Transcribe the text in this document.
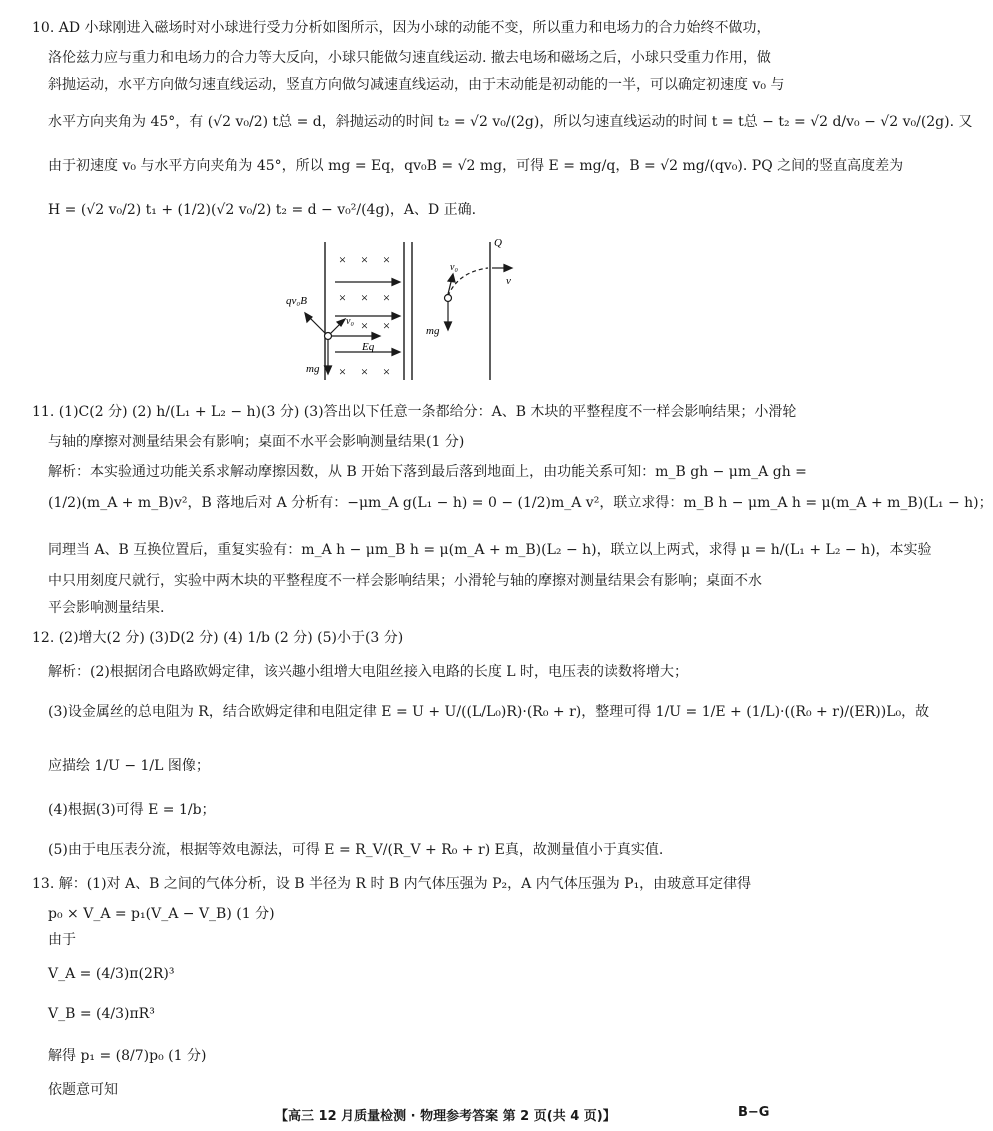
10. AD 小球刚进入磁场时对小球进行受力分析如图所示，因为小球的动能不变，所以重力和电场力的合力始终不做功，
洛伦兹力应与重力和电场力的合力等大反向，小球只能做匀速直线运动. 撤去电场和磁场之后，小球只受重力作用，做
斜抛运动，水平方向做匀速直线运动，竖直方向做匀减速直线运动，由于末动能是初动能的一半，可以确定初速度 v₀ 与
水平方向夹角为 45°，有 (√2 v₀/2) t总 = d，斜抛运动的时间 t₂ = √2 v₀/(2g)，所以匀速直线运动的时间 t = t总 − t₂ = √2 d/v₀ − √2 v₀/(2g). 又
由于初速度 v₀ 与水平方向夹角为 45°，所以 mg = Eq，qv₀B = √2 mg，可得 E = mg/q，B = √2 mg/(qv₀). PQ 之间的竖直高度差为
H = (√2 v₀/2) t₁ + (1/2)(√2 v₀/2) t₂ = d − v₀²/(4g)，A、D 正确.
× × ×
× × ×
× ×
× × ×
qv₀B
v₀
Eq
mg
Q
v₀
v
mg
11. (1)C(2 分) (2) h/(L₁ + L₂ − h)(3 分) (3)答出以下任意一条都给分：A、B 木块的平整程度不一样会影响结果；小滑轮
与轴的摩擦对测量结果会有影响；桌面不水平会影响测量结果(1 分)
解析：本实验通过功能关系求解动摩擦因数，从 B 开始下落到最后落到地面上，由功能关系可知：m_B gh − μm_A gh =
(1/2)(m_A + m_B)v²，B 落地后对 A 分析有：−μm_A g(L₁ − h) = 0 − (1/2)m_A v²，联立求得：m_B h − μm_A h = μ(m_A + m_B)(L₁ − h)；
同理当 A、B 互换位置后，重复实验有：m_A h − μm_B h = μ(m_A + m_B)(L₂ − h)，联立以上两式，求得 μ = h/(L₁ + L₂ − h)，本实验
中只用刻度尺就行，实验中两木块的平整程度不一样会影响结果；小滑轮与轴的摩擦对测量结果会有影响；桌面不水
平会影响测量结果.
12. (2)增大(2 分) (3)D(2 分) (4) 1/b (2 分) (5)小于(3 分)
解析：(2)根据闭合电路欧姆定律，该兴趣小组增大电阻丝接入电路的长度 L 时，电压表的读数将增大；
(3)设金属丝的总电阻为 R，结合欧姆定律和电阻定律 E = U + U/((L/L₀)R)·(R₀ + r)，整理可得 1/U = 1/E + (1/L)·((R₀ + r)/(ER))L₀，故
应描绘 1/U − 1/L 图像；
(4)根据(3)可得 E = 1/b；
(5)由于电压表分流，根据等效电源法，可得 E = R_V/(R_V + R₀ + r) E真，故测量值小于真实值.
13. 解：(1)对 A、B 之间的气体分析，设 B 半径为 R 时 B 内气体压强为 P₂，A 内气体压强为 P₁，由玻意耳定律得
p₀ × V_A = p₁(V_A − V_B) (1 分)
由于
V_A = (4/3)π(2R)³
V_B = (4/3)πR³
解得 p₁ = (8/7)p₀ (1 分)
依题意可知
【高三 12 月质量检测 · 物理参考答案 第 2 页(共 4 页)】	B−G
